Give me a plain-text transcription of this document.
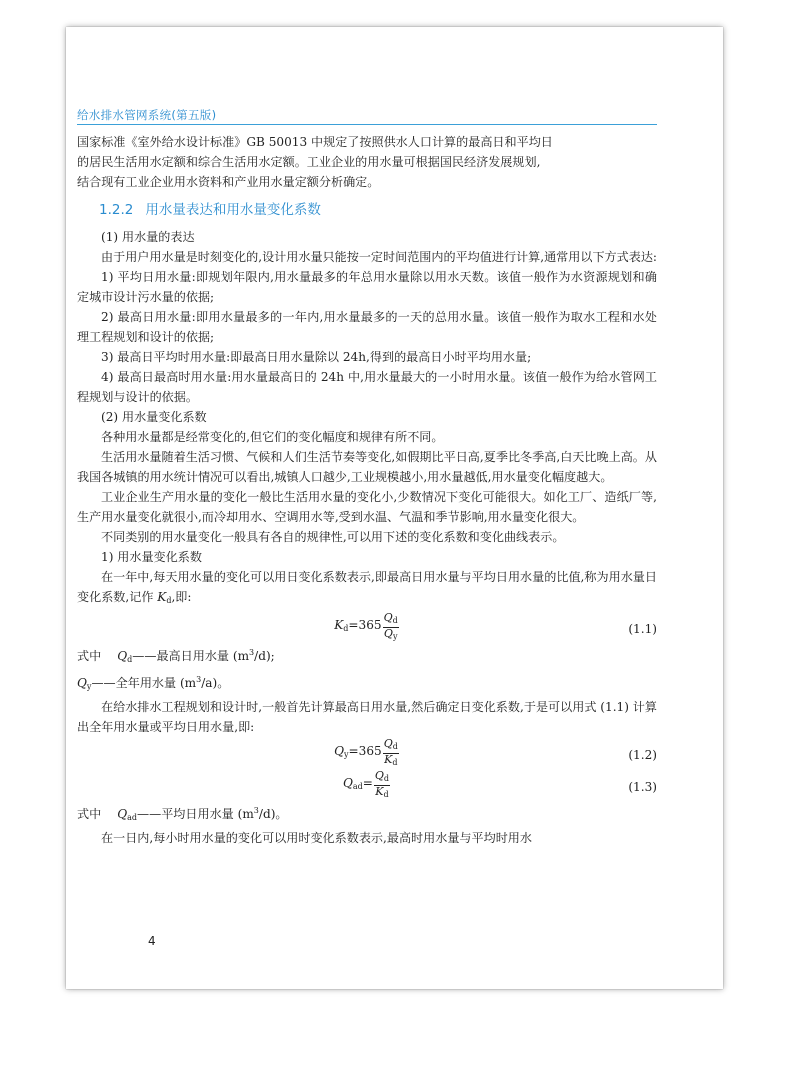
给水排水管网系统(第五版)

国家标准《室外给水设计标准》GB 50013 中规定了按照供水人口计算的最高日和平均日
的居民生活用水定额和综合生活用水定额。工业企业的用水量可根据国民经济发展规划,
结合现有工业企业用水资料和产业用水量定额分析确定。

1.2.2 用水量表达和用水量变化系数

(1) 用水量的表达

由于用户用水量是时刻变化的,设计用水量只能按一定时间范围内的平均值进行计算,通常用以下方式表达:

1) 平均日用水量:即规划年限内,用水量最多的年总用水量除以用水天数。该值一般作为水资源规划和确定城市设计污水量的依据;

2) 最高日用水量:即用水量最多的一年内,用水量最多的一天的总用水量。该值一般作为取水工程和水处理工程规划和设计的依据;

3) 最高日平均时用水量:即最高日用水量除以 24h,得到的最高日小时平均用水量;

4) 最高日最高时用水量:用水量最高日的 24h 中,用水量最大的一小时用水量。该值一般作为给水管网工程规划与设计的依据。

(2) 用水量变化系数

各种用水量都是经常变化的,但它们的变化幅度和规律有所不同。

生活用水量随着生活习惯、气候和人们生活节奏等变化,如假期比平日高,夏季比冬季高,白天比晚上高。从我国各城镇的用水统计情况可以看出,城镇人口越少,工业规模越小,用水量越低,用水量变化幅度越大。

工业企业生产用水量的变化一般比生活用水量的变化小,少数情况下变化可能很大。如化工厂、造纸厂等,生产用水量变化就很小,而冷却用水、空调用水等,受到水温、气温和季节影响,用水量变化很大。

不同类别的用水量变化一般具有各自的规律性,可以用下述的变化系数和变化曲线表示。

1) 用水量变化系数

在一年中,每天用水量的变化可以用日变化系数表示,即最高日用水量与平均日用水量的比值,称为用水量日变化系数,记作 $K_d$,即:

$K_d=365 \frac{Q_d}{Q_y}$	(1.1)

式中 $Q_d——$最高日用水量 $(m^3/d)$;

$Q_y——$全年用水量 $(m^3/a)$。

在给水排水工程规划和设计时,一般首先计算最高日用水量,然后确定日变化系数,于是可以用式 (1.1) 计算出全年用水量或平均日用水量,即:

$Q_y=365 \frac{Q_d}{K_d}$	(1.2)
$Q_{ad}= \frac{Q_d}{K_d}$	(1.3)

式中 $Q_{ad}——$平均日用水量 $(m^3/d)$。

在一日内,每小时用水量的变化可以用时变化系数表示,最高时用水量与平均时用水

4
